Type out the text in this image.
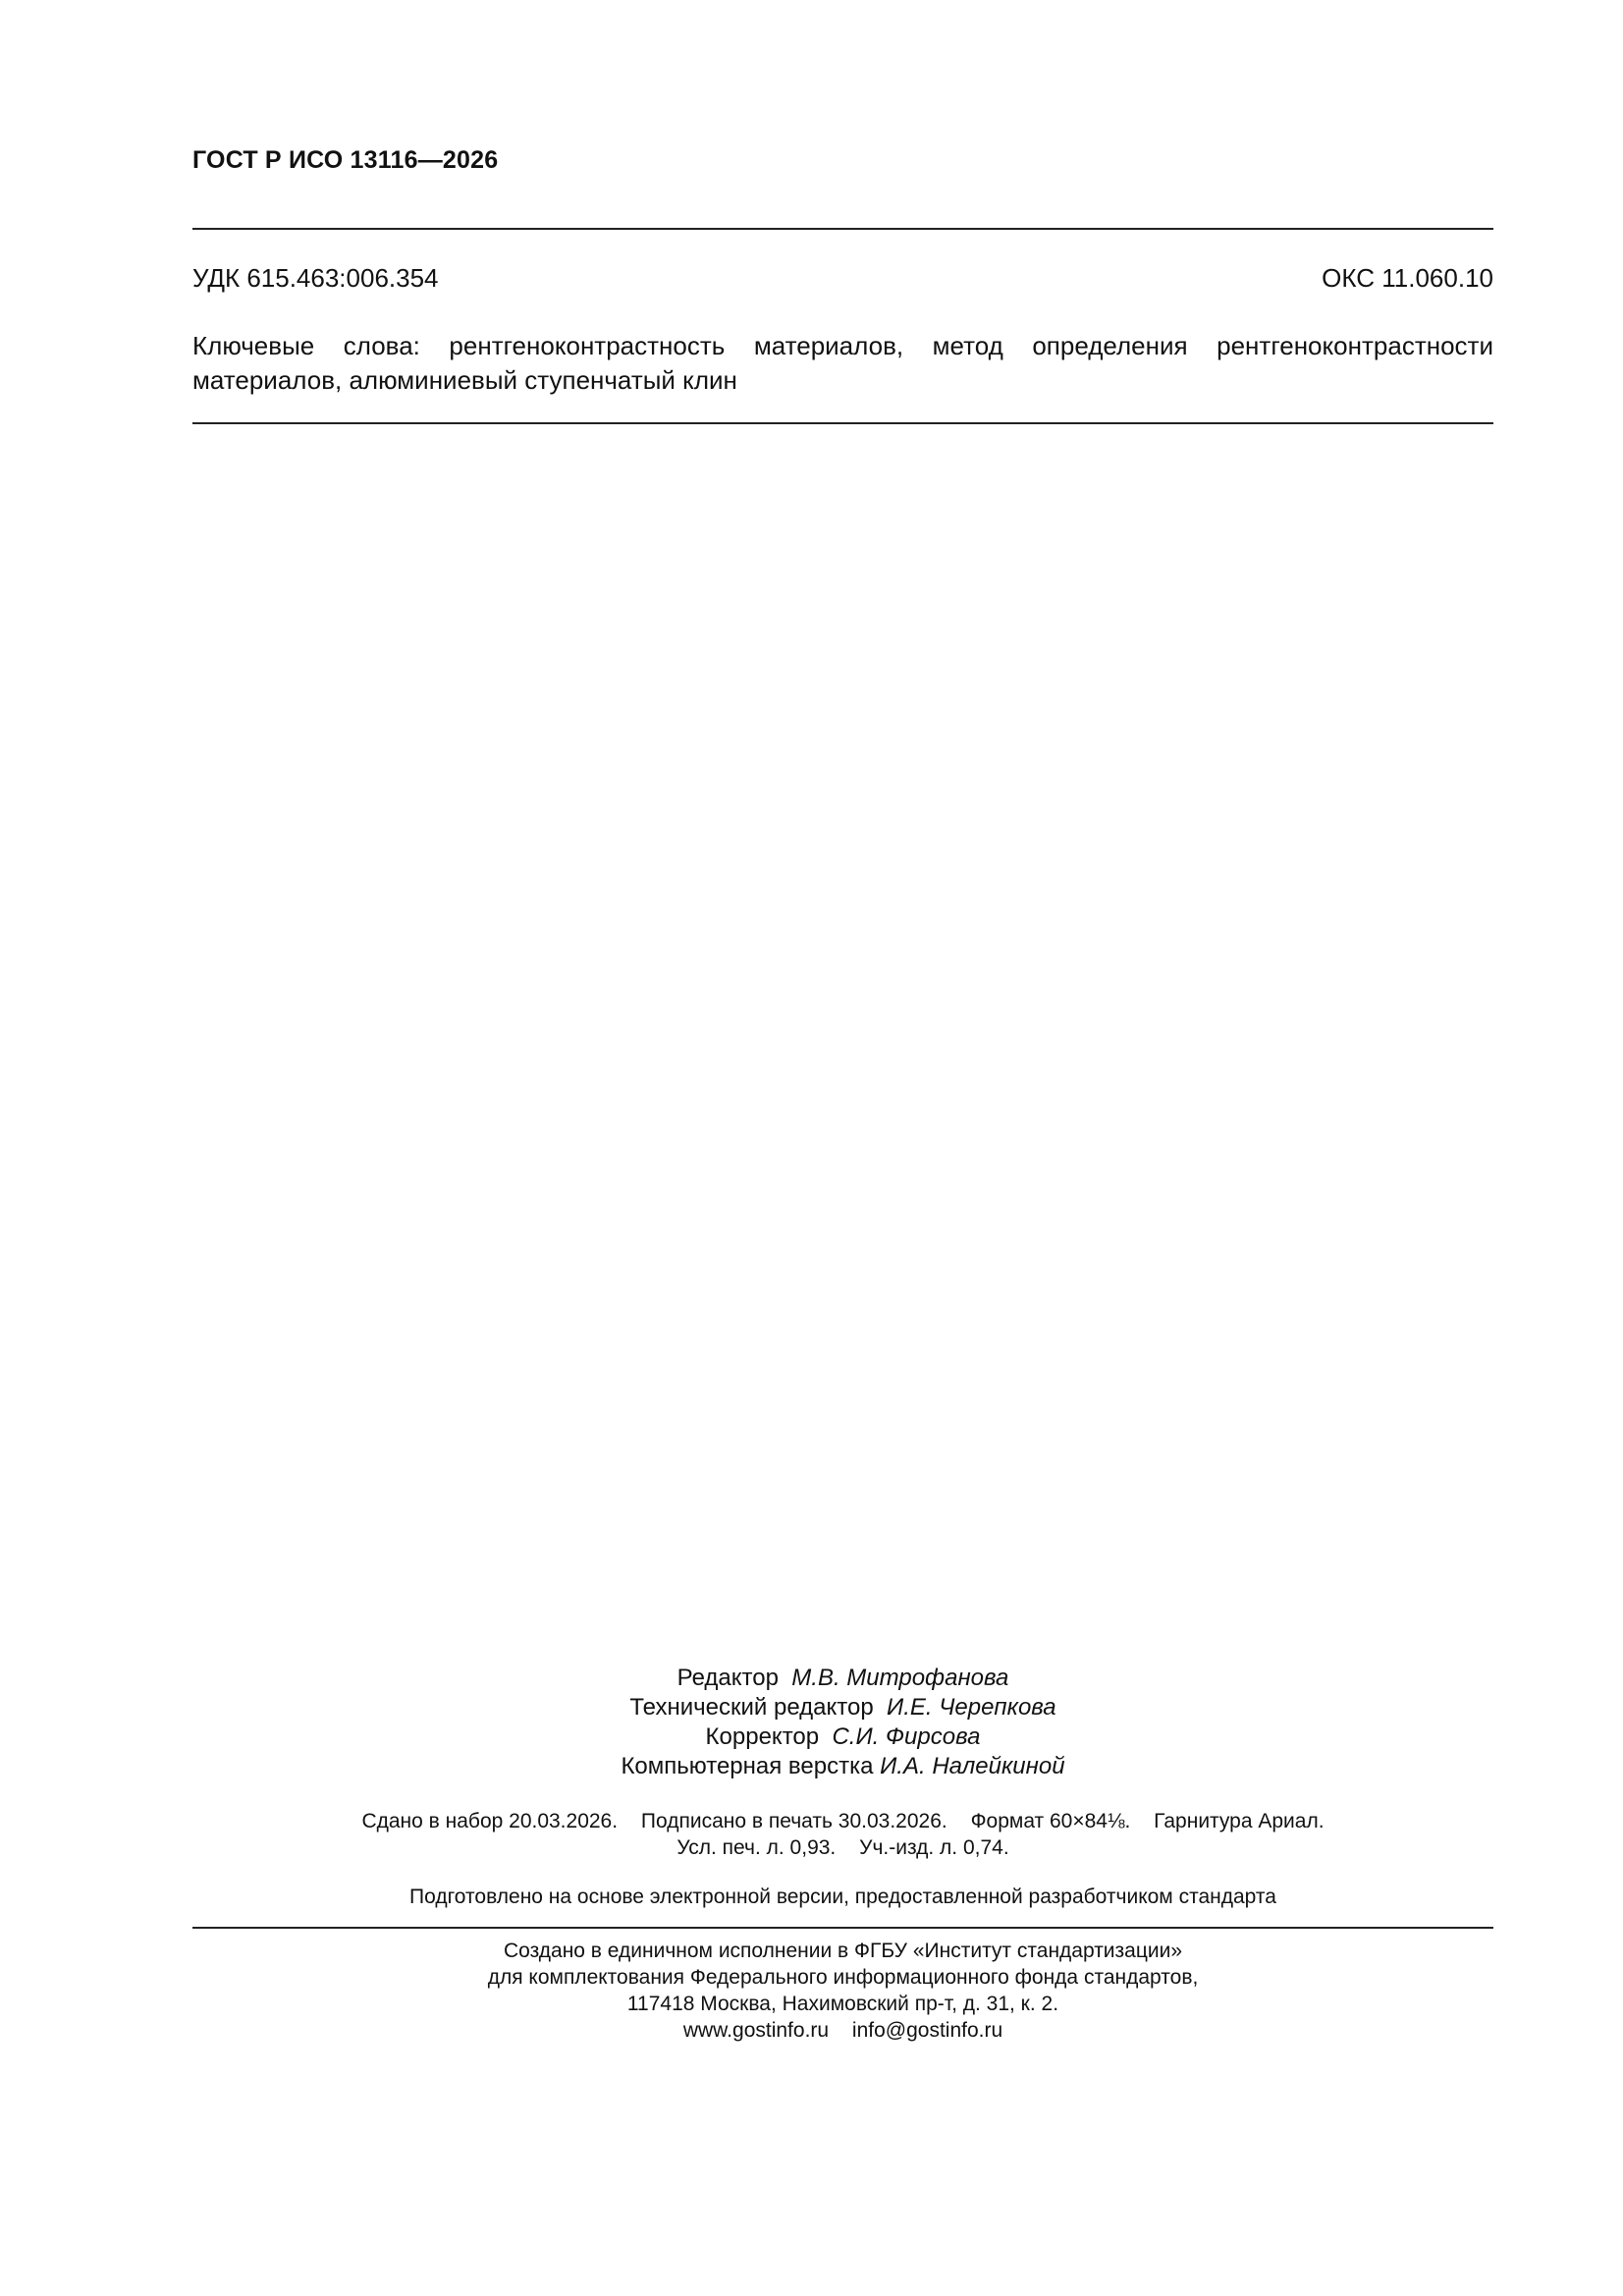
ГОСТ Р ИСО 13116—2026
УДК 615.463:006.354	ОКС 11.060.10
Ключевые слова: рентгеноконтрастность материалов, метод определения рентгеноконтрастности материалов, алюминиевый ступенчатый клин
Редактор М.В. Митрофанова
Технический редактор И.Е. Черепкова
Корректор С.И. Фирсова
Компьютерная верстка И.А. Налейкиной
Сдано в набор 20.03.2026. Подписано в печать 30.03.2026. Формат 60×84⅛. Гарнитура Ариал.
Усл. печ. л. 0,93. Уч.-изд. л. 0,74.
Подготовлено на основе электронной версии, предоставленной разработчиком стандарта
Создано в единичном исполнении в ФГБУ «Институт стандартизации»
для комплектования Федерального информационного фонда стандартов,
117418 Москва, Нахимовский пр-т, д. 31, к. 2.
www.gostinfo.ru info@gostinfo.ru
